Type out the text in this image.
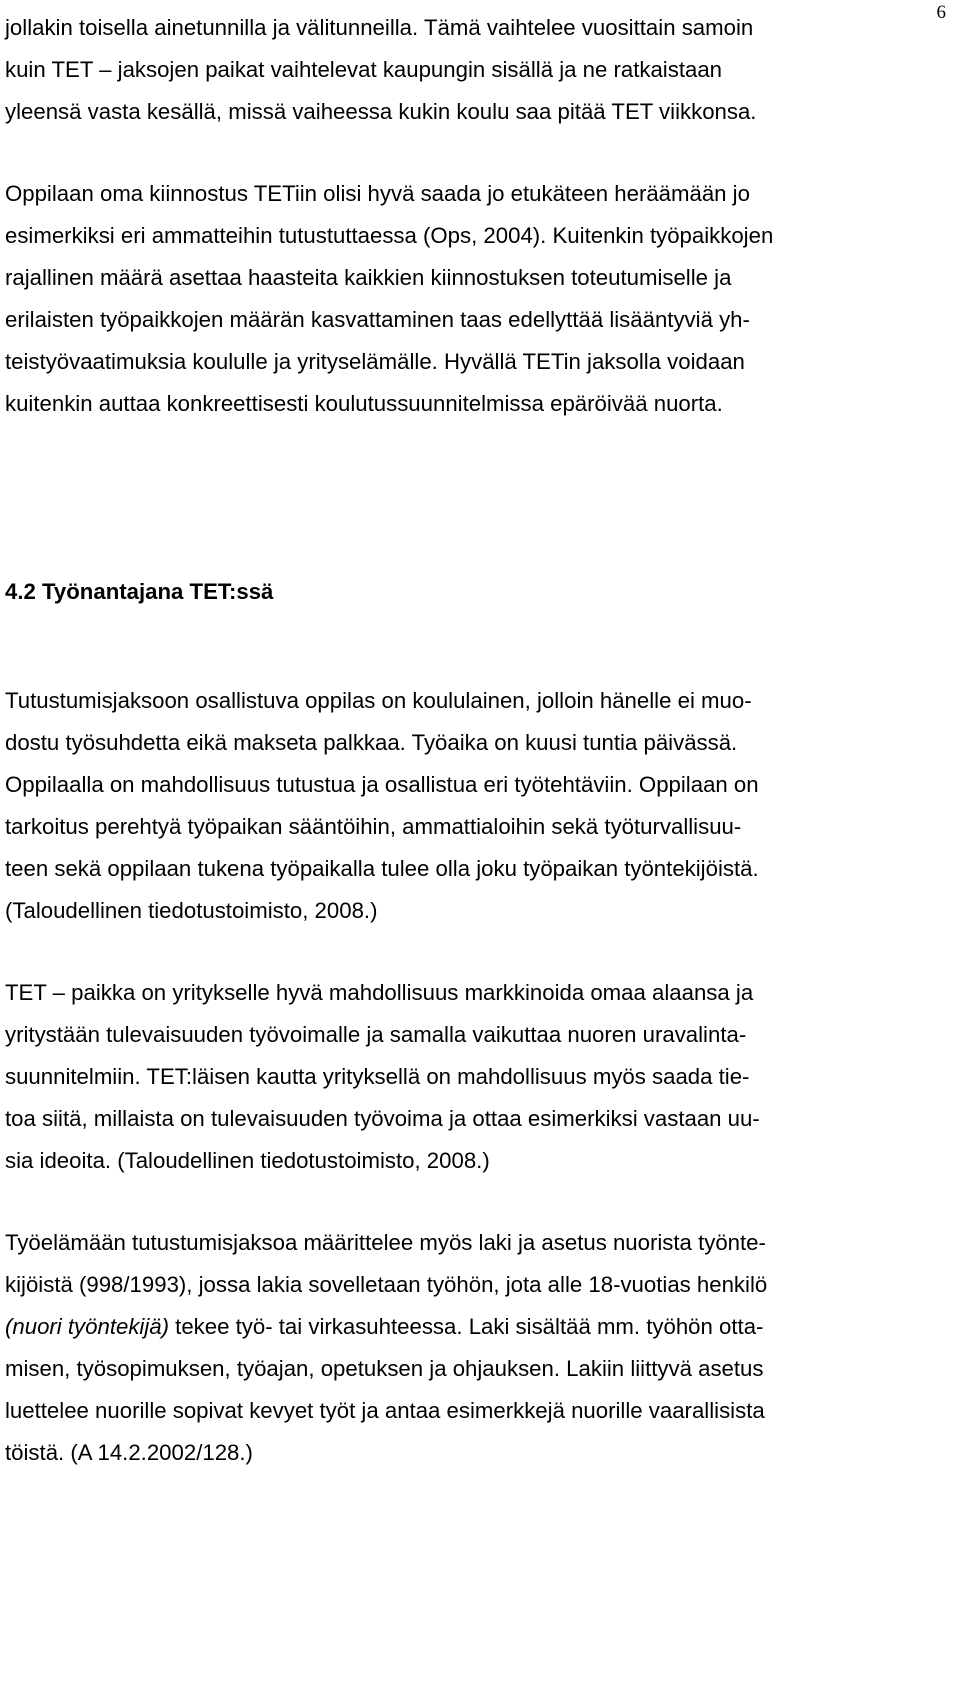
6
jollakin toisella ainetunnilla ja välitunneilla. Tämä vaihtelee vuosittain samoin
kuin TET – jaksojen paikat vaihtelevat kaupungin sisällä ja ne ratkaistaan
yleensä vasta kesällä, missä vaiheessa kukin koulu saa pitää TET viikkonsa.
Oppilaan oma kiinnostus TETiin olisi hyvä saada jo etukäteen heräämään jo
esimerkiksi eri ammatteihin tutustuttaessa (Ops, 2004). Kuitenkin työpaikkojen
rajallinen määrä asettaa haasteita kaikkien kiinnostuksen toteutumiselle ja
erilaisten työpaikkojen määrän kasvattaminen taas edellyttää lisääntyviä yh-
teistyövaatimuksia koululle ja yrityselämälle. Hyvällä TETin jaksolla voidaan
kuitenkin auttaa konkreettisesti koulutussuunnitelmissa epäröivää nuorta.
4.2 Työnantajana TET:ssä
Tutustumisjaksoon osallistuva oppilas on koululainen, jolloin hänelle ei muo-
dostu työsuhdetta eikä makseta palkkaa. Työaika on kuusi tuntia päivässä.
Oppilaalla on mahdollisuus tutustua ja osallistua eri työtehtäviin. Oppilaan on
tarkoitus perehtyä työpaikan sääntöihin, ammattialoihin sekä työturvallisuu-
teen sekä oppilaan tukena työpaikalla tulee olla joku työpaikan työntekijöistä.
(Taloudellinen tiedotustoimisto, 2008.)
TET – paikka on yritykselle hyvä mahdollisuus markkinoida omaa alaansa ja
yritystään tulevaisuuden työvoimalle ja samalla vaikuttaa nuoren uravalinta-
suunnitelmiin. TET:läisen kautta yrityksellä on mahdollisuus myös saada tie-
toa siitä, millaista on tulevaisuuden työvoima ja ottaa esimerkiksi vastaan uu-
sia ideoita. (Taloudellinen tiedotustoimisto, 2008.)
Työelämään tutustumisjaksoa määrittelee myös laki ja asetus nuorista työnte-
kijöistä (998/1993), jossa lakia sovelletaan työhön, jota alle 18-vuotias henkilö
(nuori työntekijä) tekee työ- tai virkasuhteessa. Laki sisältää mm. työhön otta-
misen, työsopimuksen, työajan, opetuksen ja ohjauksen. Lakiin liittyvä asetus
luettelee nuorille sopivat kevyet työt ja antaa esimerkkejä nuorille vaarallisista
töistä. (A 14.2.2002/128.)
